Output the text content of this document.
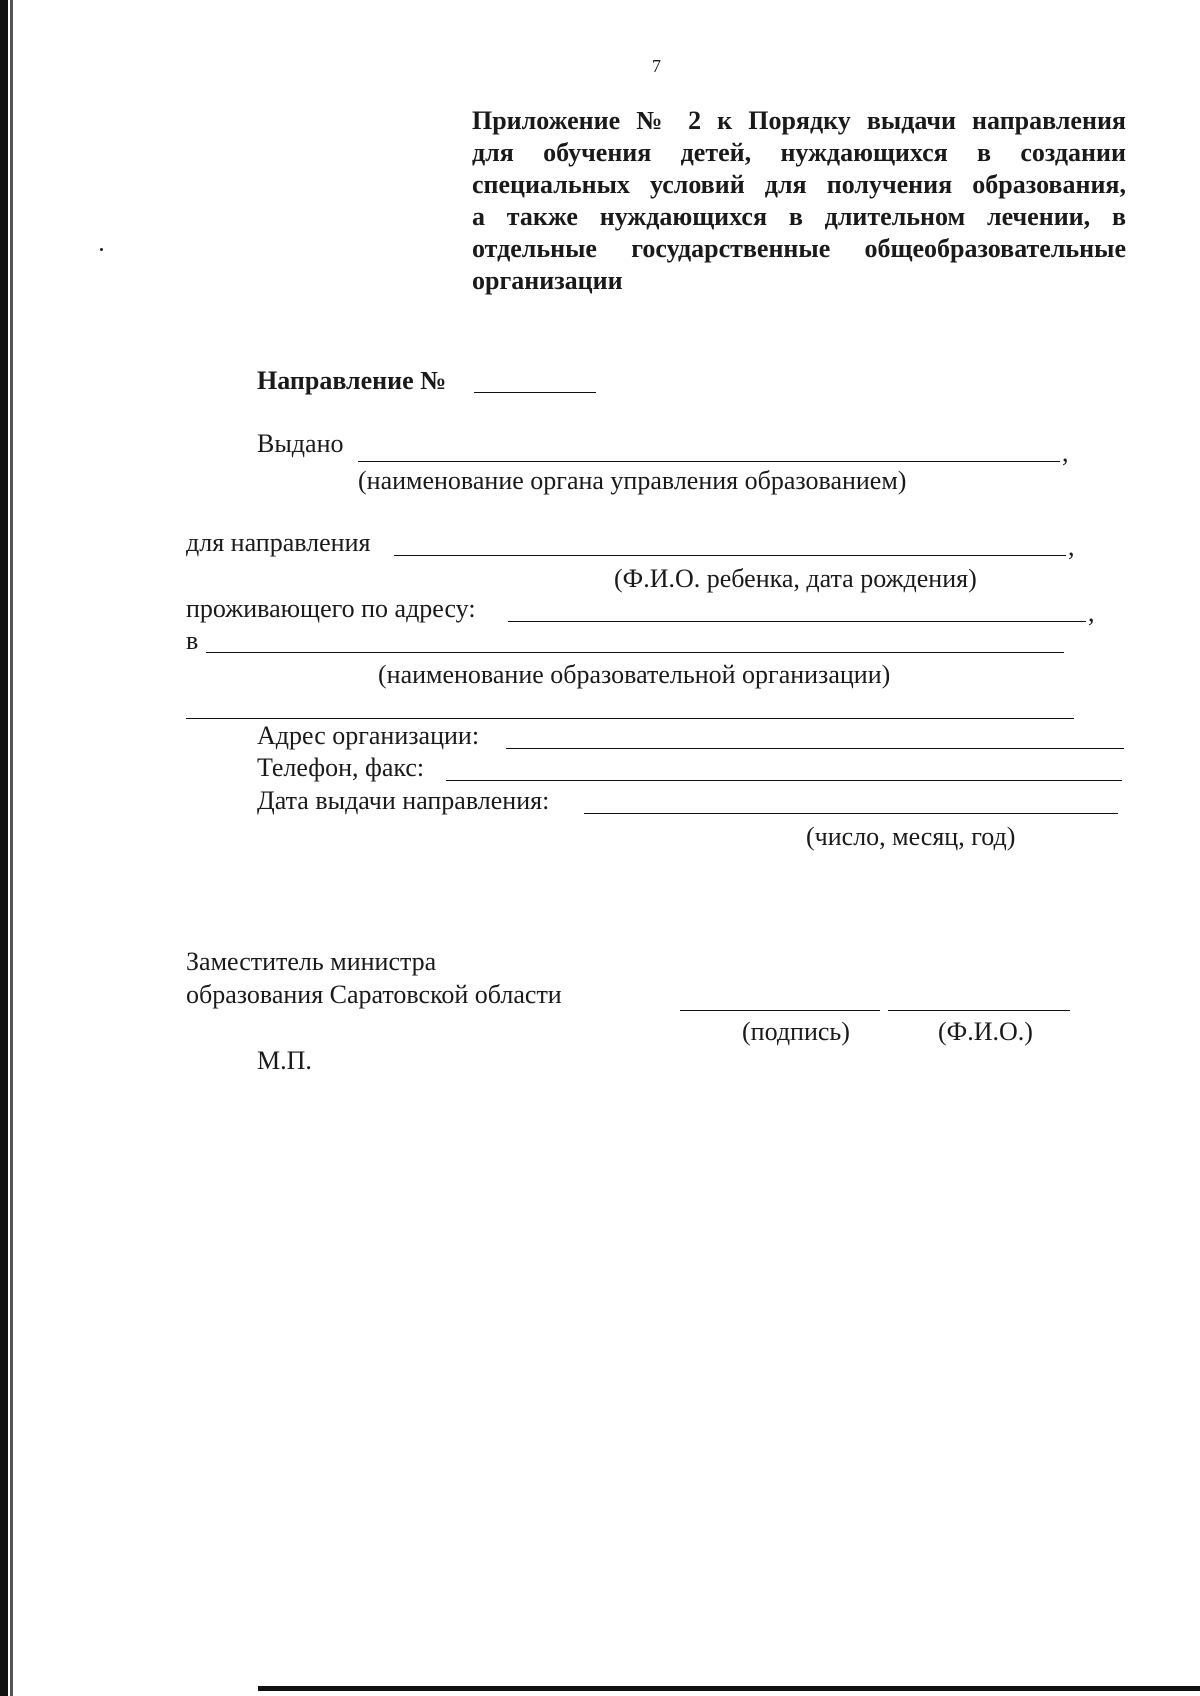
7
Приложение № 2 к Порядку выдачи направления
для обучения детей, нуждающихся в создании
специальных условий для получения образования,
а также нуждающихся в длительном лечении, в
отдельные государственные общеобразовательные
организации
Направление №
Выдано	,
(наименование органа управления образованием)
для направления	,
(Ф.И.О. ребенка, дата рождения)
проживающего по адресу:	,
в
(наименование образовательной организации)
Адрес организации:
Телефон, факс:
Дата выдачи направления:
(число, месяц, год)
Заместитель министра
образования Саратовской области
(подпись)	(Ф.И.О.)
М.П.
